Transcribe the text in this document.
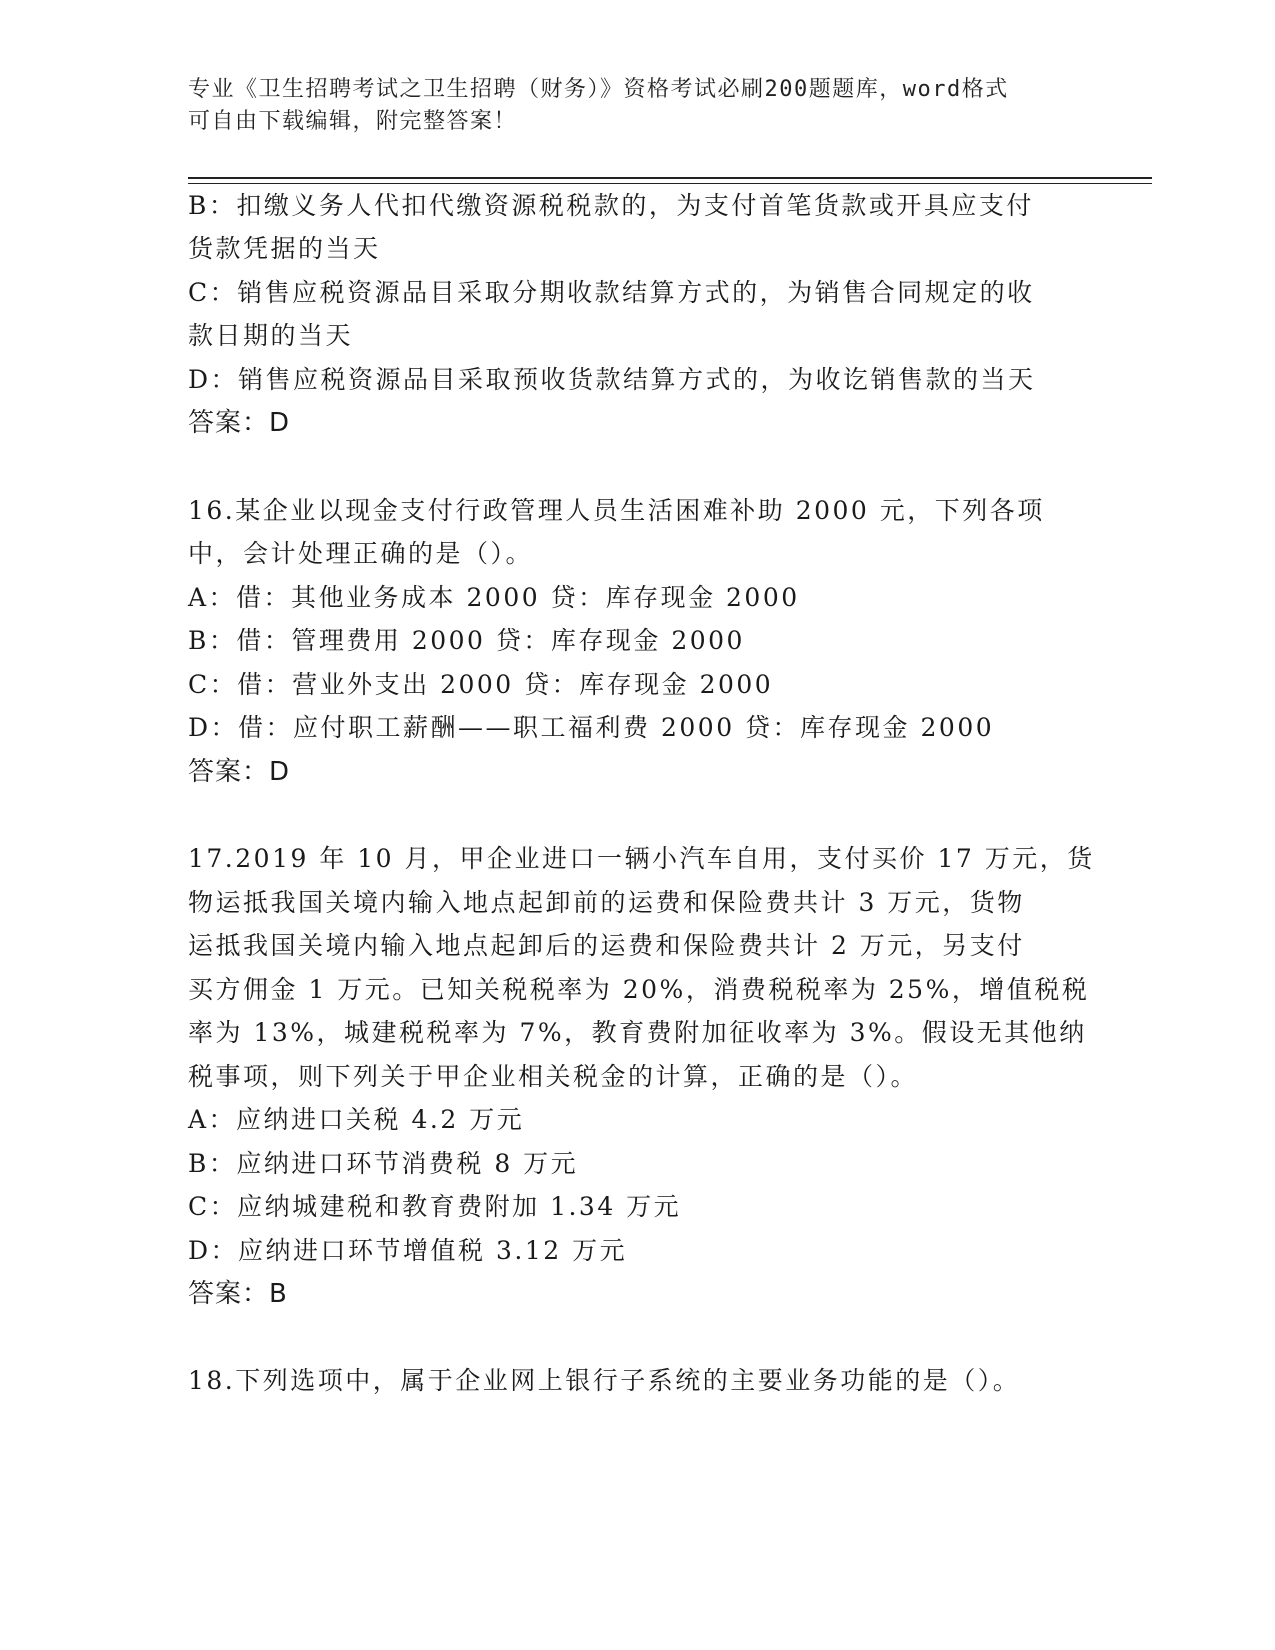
专业《卫生招聘考试之卫生招聘（财务）》资格考试必刷200题题库，word格式
可自由下载编辑，附完整答案！
B：扣缴义务人代扣代缴资源税税款的，为支付首笔货款或开具应支付
货款凭据的当天
C：销售应税资源品目采取分期收款结算方式的，为销售合同规定的收
款日期的当天
D：销售应税资源品目采取预收货款结算方式的，为收讫销售款的当天
答案：D
16.某企业以现金支付行政管理人员生活困难补助 2000 元，下列各项
中，会计处理正确的是（）。
A：借：其他业务成本 2000 贷：库存现金 2000
B：借：管理费用 2000 贷：库存现金 2000
C：借：营业外支出 2000 贷：库存现金 2000
D：借：应付职工薪酬——职工福利费 2000 贷：库存现金 2000
答案：D
17.2019 年 10 月，甲企业进口一辆小汽车自用，支付买价 17 万元，货
物运抵我国关境内输入地点起卸前的运费和保险费共计 3 万元，货物
运抵我国关境内输入地点起卸后的运费和保险费共计 2 万元，另支付
买方佣金 1 万元。已知关税税率为 20%，消费税税率为 25%，增值税税
率为 13%，城建税税率为 7%，教育费附加征收率为 3%。假设无其他纳
税事项，则下列关于甲企业相关税金的计算，正确的是（）。
A：应纳进口关税 4.2 万元
B：应纳进口环节消费税 8 万元
C：应纳城建税和教育费附加 1.34 万元
D：应纳进口环节增值税 3.12 万元
答案：B
18.下列选项中，属于企业网上银行子系统的主要业务功能的是（）。
